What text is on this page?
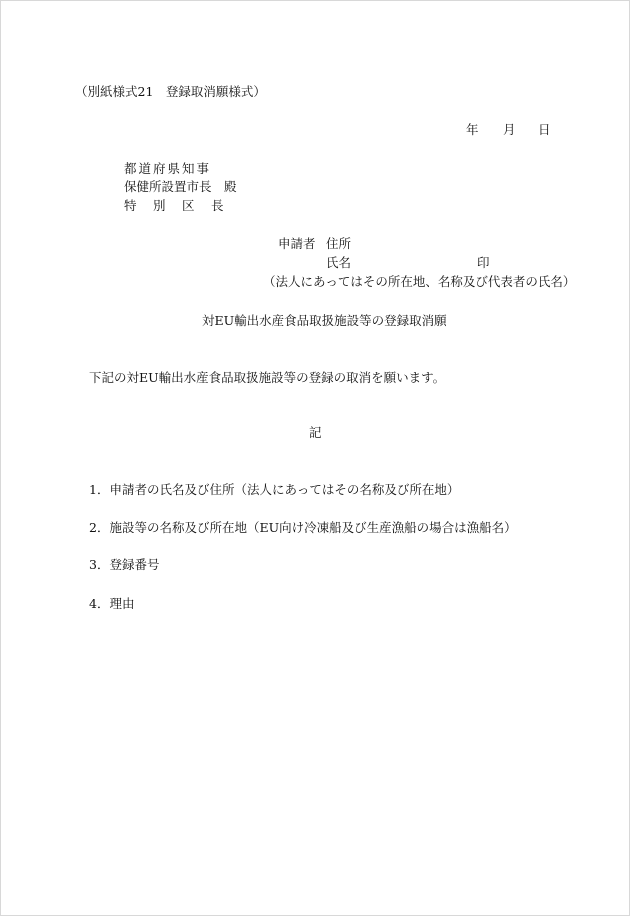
（別紙様式21　登録取消願様式）
年 月 日
都道府県知事
保健所設置市長　殿
特　別　区　長
申請者 住所
氏名	印
（法人にあってはその所在地、名称及び代表者の氏名）
対EU輸出水産食品取扱施設等の登録取消願
下記の対EU輸出水産食品取扱施設等の登録の取消を願います。
記
1．申請者の氏名及び住所（法人にあってはその名称及び所在地）
2．施設等の名称及び所在地（EU向け冷凍船及び生産漁船の場合は漁船名）
3．登録番号
4．理由
